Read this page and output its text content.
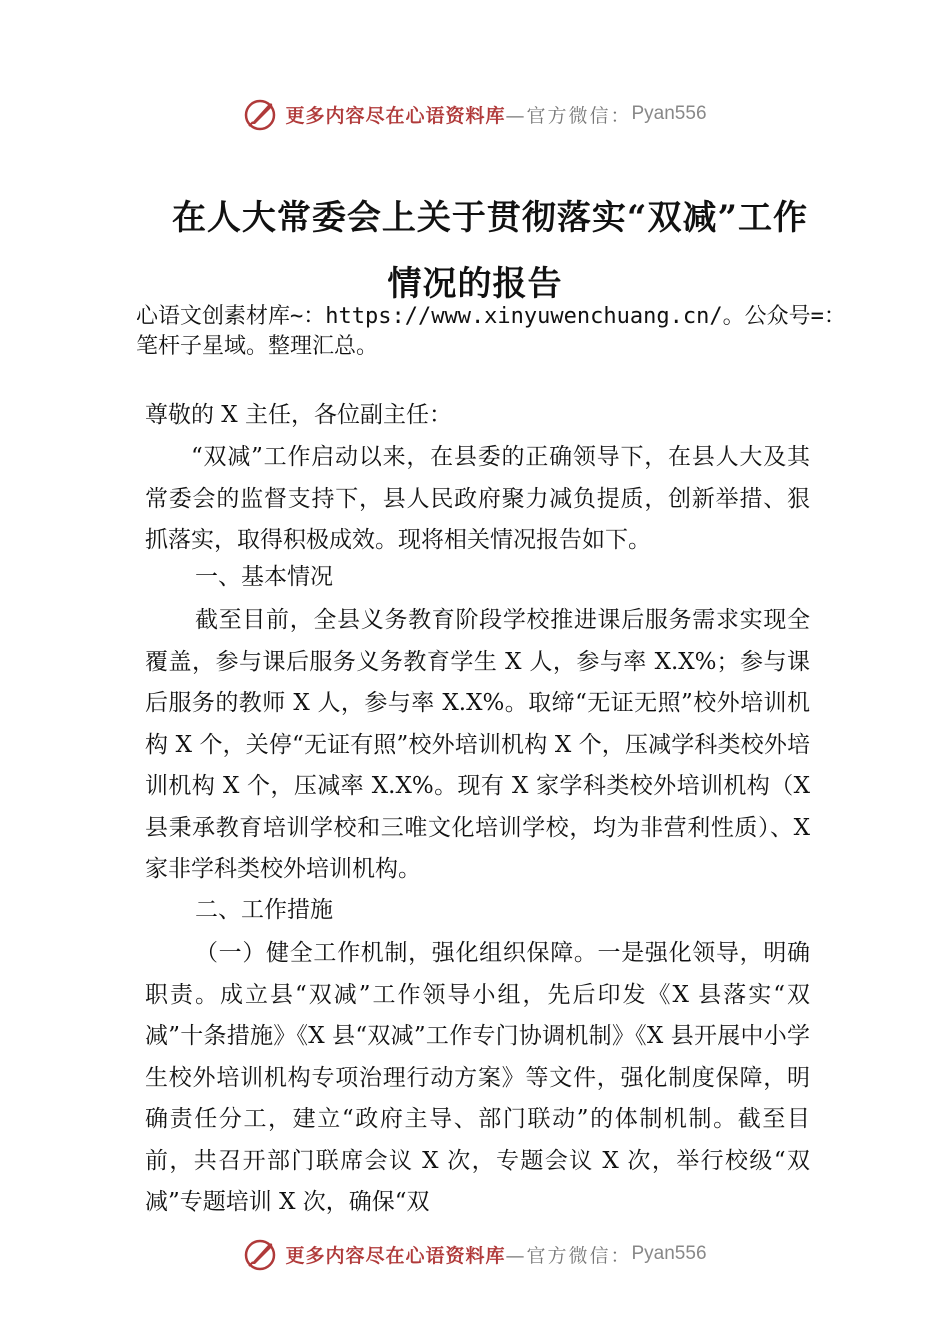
更多内容尽在心语资料库 —官方微信： Pyan556
在人大常委会上关于贯彻落实“双减”工作
情况的报告
心语文创素材库~：https://www.xinyuwenchuang.cn/。公众号=：笔杆子星域。整理汇总。
尊敬的 X 主任，各位副主任：
“双减”工作启动以来，在县委的正确领导下，在县人大及其常委会的监督支持下，县人民政府聚力减负提质，创新举措、狠抓落实，取得积极成效。现将相关情况报告如下。
一、基本情况
截至目前，全县义务教育阶段学校推进课后服务需求实现全覆盖，参与课后服务义务教育学生 X 人，参与率 X.X%；参与课后服务的教师 X 人，参与率 X.X%。取缔“无证无照”校外培训机构 X 个，关停“无证有照”校外培训机构 X 个，压减学科类校外培训机构 X 个，压减率 X.X%。现有 X 家学科类校外培训机构（X 县秉承教育培训学校和三唯文化培训学校，均为非营利性质）、X 家非学科类校外培训机构。
二、工作措施
（一）健全工作机制，强化组织保障。一是强化领导，明确职责。成立县“双减”工作领导小组，先后印发《X 县落实“双减”十条措施》《X 县“双减”工作专门协调机制》《X 县开展中小学生校外培训机构专项治理行动方案》等文件，强化制度保障，明确责任分工，建立“政府主导、部门联动”的体制机制。截至目前，共召开部门联席会议 X 次，专题会议 X 次，举行校级“双减”专题培训 X 次，确保“双
更多内容尽在心语资料库 —官方微信： Pyan556
